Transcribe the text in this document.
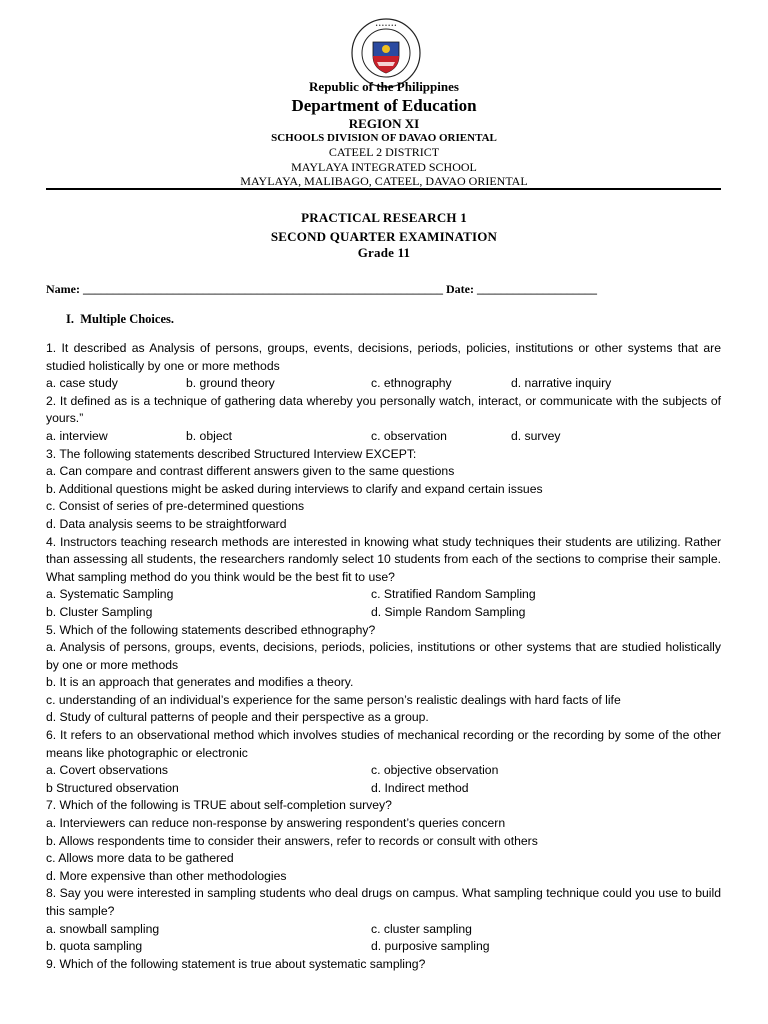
• • • • • • •
Republic of the Philippines
Department of Education
REGION XI
SCHOOLS DIVISION OF DAVAO ORIENTAL
CATEEL 2 DISTRICT
MAYLAYA INTEGRATED SCHOOL
MAYLAYA, MALIBAGO, CATEEL, DAVAO ORIENTAL
PRACTICAL RESEARCH 1
SECOND QUARTER EXAMINATION
Grade 11
Name: ____________________________________________________________ Date: ____________________
I. Multiple Choices.
1. It described as Analysis of persons, groups, events, decisions, periods, policies, institutions or other systems that are studied holistically by one or more methods
a. case study	b. ground theory	c. ethnography	d. narrative inquiry
2. It defined as is a technique of gathering data whereby you personally watch, interact, or communicate with the subjects of yours.”
a. interview	b. object	c. observation	d. survey
3. The following statements described Structured Interview EXCEPT:
a. Can compare and contrast different answers given to the same questions
b. Additional questions might be asked during interviews to clarify and expand certain issues
c. Consist of series of pre-determined questions
d. Data analysis seems to be straightforward
4. Instructors teaching research methods are interested in knowing what study techniques their students are utilizing. Rather than assessing all students, the researchers randomly select 10 students from each of the sections to comprise their sample. What sampling method do you think would be the best fit to use?
a. Systematic Sampling	c. Stratified Random Sampling
b. Cluster Sampling	d. Simple Random Sampling
5. Which of the following statements described ethnography?
a. Analysis of persons, groups, events, decisions, periods, policies, institutions or other systems that are studied holistically by one or more methods
b. It is an approach that generates and modifies a theory.
c. understanding of an individual’s experience for the same person’s realistic dealings with hard facts of life
d. Study of cultural patterns of people and their perspective as a group.
6. It refers to an observational method which involves studies of mechanical recording or the recording by some of the other means like photographic or electronic
a. Covert observations	c. objective observation
b Structured observation	d. Indirect method
7. Which of the following is TRUE about self-completion survey?
a. Interviewers can reduce non-response by answering respondent’s queries concern
b. Allows respondents time to consider their answers, refer to records or consult with others
c. Allows more data to be gathered
d. More expensive than other methodologies
8. Say you were interested in sampling students who deal drugs on campus. What sampling technique could you use to build this sample?
a. snowball sampling	c. cluster sampling
b. quota sampling	d. purposive sampling
9. Which of the following statement is true about systematic sampling?
